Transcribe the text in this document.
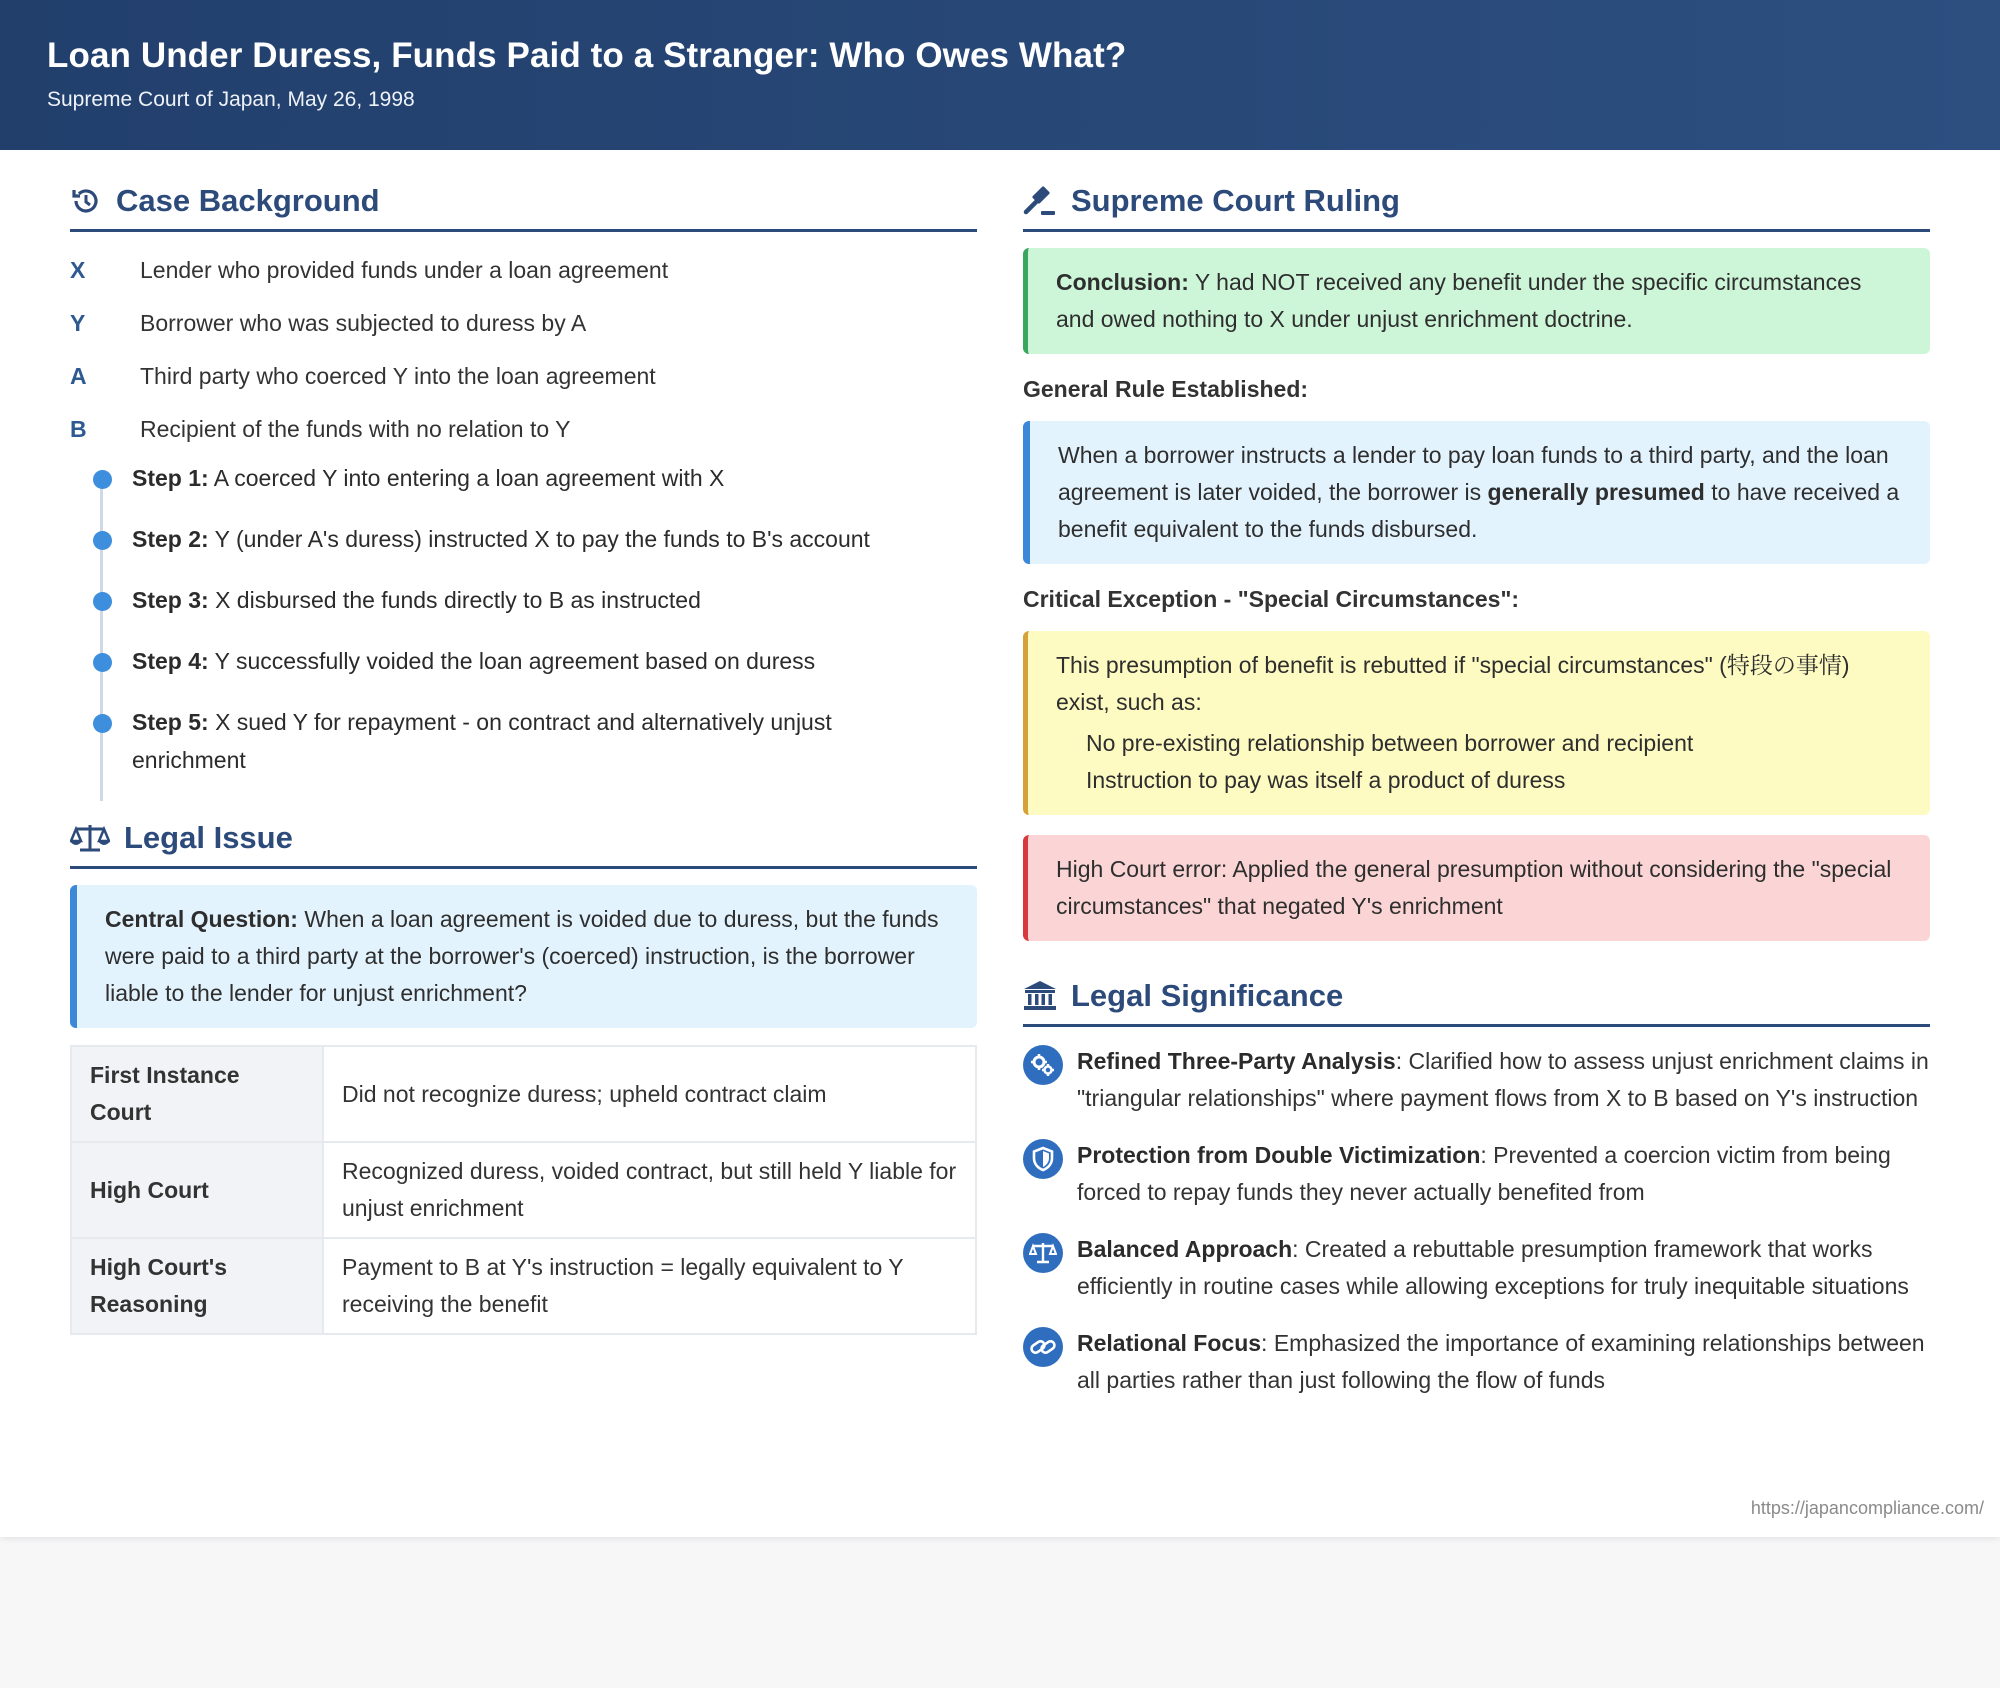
Loan Under Duress, Funds Paid to a Stranger: Who Owes What?
Supreme Court of Japan, May 26, 1998
Case Background
X	Lender who provided funds under a loan agreement
Y	Borrower who was subjected to duress by A
A	Third party who coerced Y into the loan agreement
B	Recipient of the funds with no relation to Y
Step 1: A coerced Y into entering a loan agreement with X
Step 2: Y (under A's duress) instructed X to pay the funds to B's account
Step 3: X disbursed the funds directly to B as instructed
Step 4: Y successfully voided the loan agreement based on duress
Step 5: X sued Y for repayment - on contract and alternatively unjust enrichment
Legal Issue
Central Question: When a loan agreement is voided due to duress, but the funds were paid to a third party at the borrower's (coerced) instruction, is the borrower liable to the lender for unjust enrichment?
First Instance Court	Did not recognize duress; upheld contract claim
High Court	Recognized duress, voided contract, but still held Y liable for unjust enrichment
High Court's Reasoning	Payment to B at Y's instruction = legally equivalent to Y receiving the benefit
Supreme Court Ruling
Conclusion: Y had NOT received any benefit under the specific circumstances and owed nothing to X under unjust enrichment doctrine.
General Rule Established:
When a borrower instructs a lender to pay loan funds to a third party, and the loan agreement is later voided, the borrower is generally presumed to have received a benefit equivalent to the funds disbursed.
Critical Exception - "Special Circumstances":
This presumption of benefit is rebutted if "special circumstances" (特段の事情) exist, such as:
No pre-existing relationship between borrower and recipient
Instruction to pay was itself a product of duress
High Court error: Applied the general presumption without considering the "special circumstances" that negated Y's enrichment
Legal Significance
Refined Three-Party Analysis: Clarified how to assess unjust enrichment claims in "triangular relationships" where payment flows from X to B based on Y's instruction
Protection from Double Victimization: Prevented a coercion victim from being forced to repay funds they never actually benefited from
Balanced Approach: Created a rebuttable presumption framework that works efficiently in routine cases while allowing exceptions for truly inequitable situations
Relational Focus: Emphasized the importance of examining relationships between all parties rather than just following the flow of funds
https://japancompliance.com/
